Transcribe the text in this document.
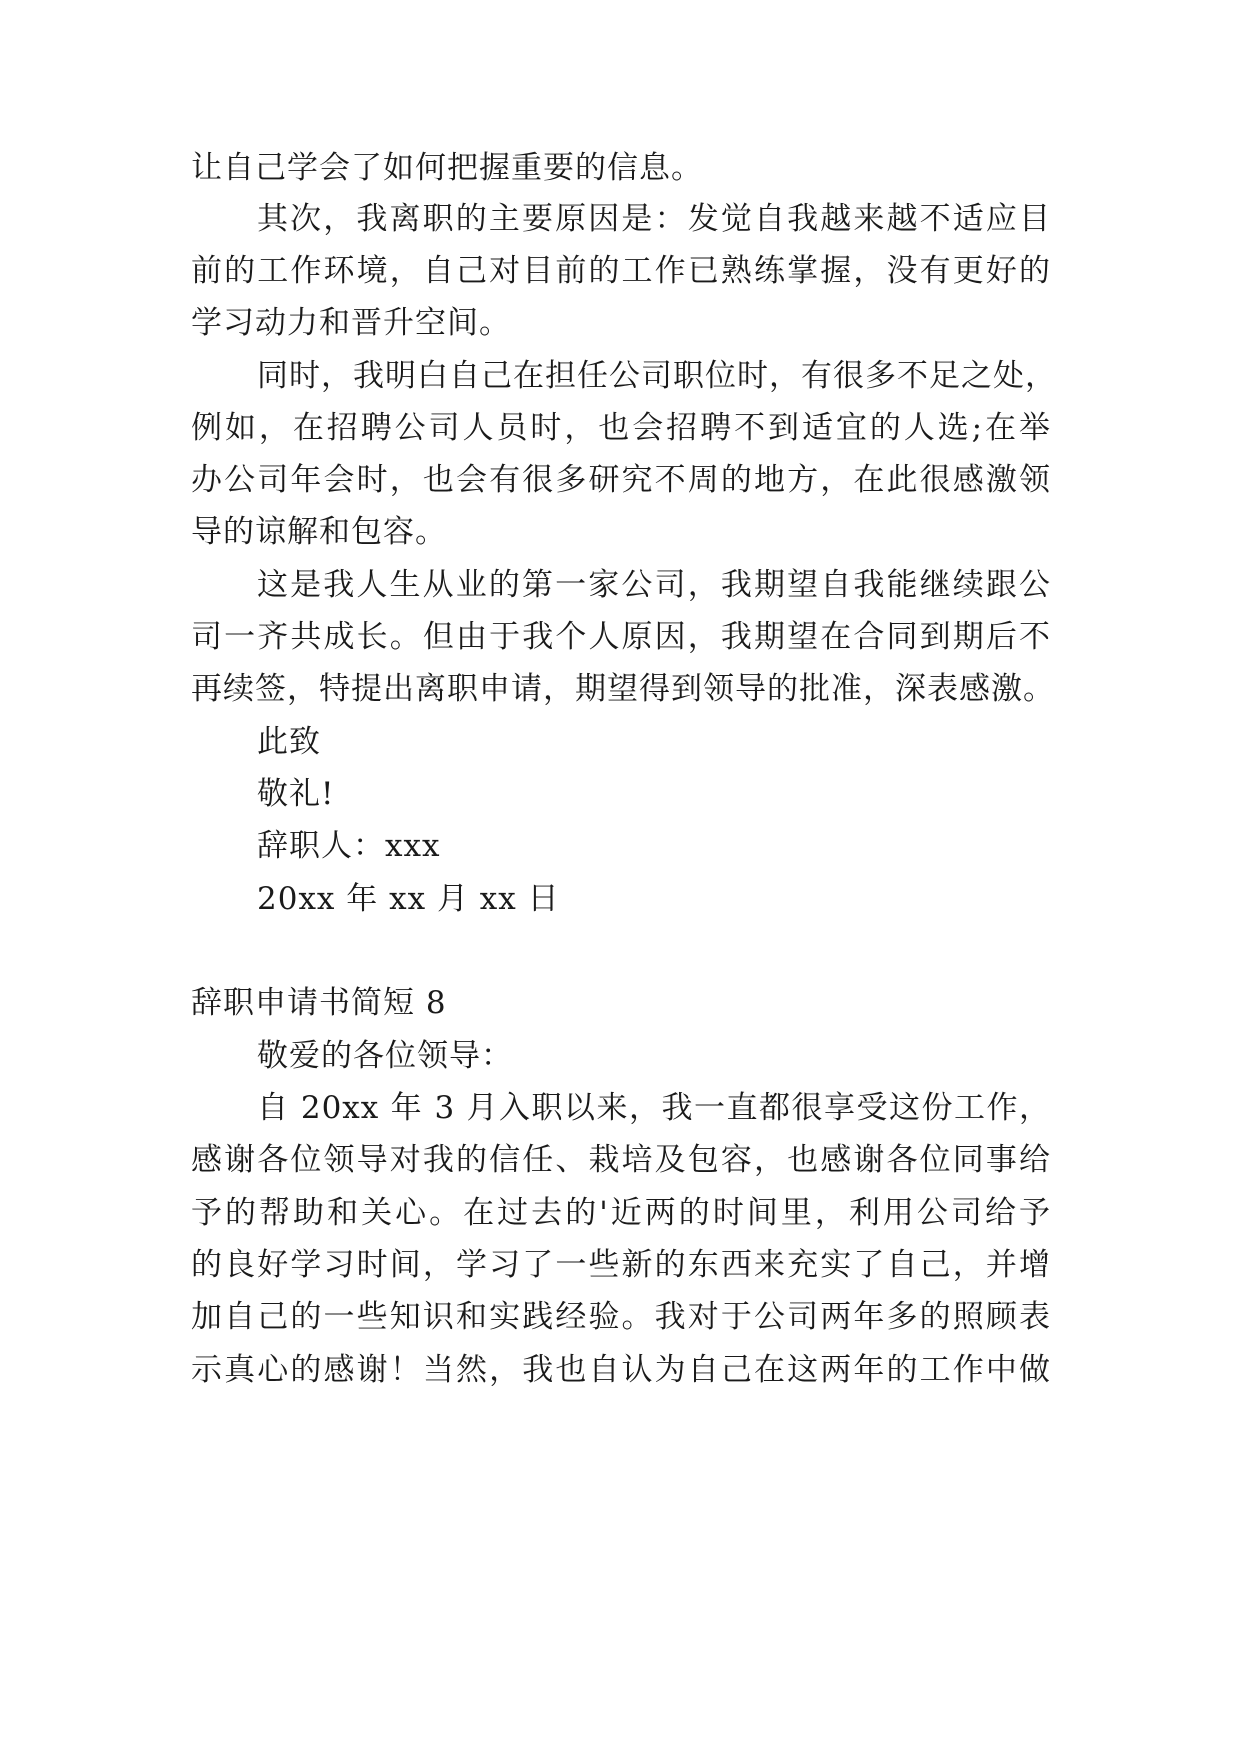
让自己学会了如何把握重要的信息。

其次，我离职的主要原因是：发觉自我越来越不适应目

前的工作环境，自己对目前的工作已熟练掌握，没有更好的

学习动力和晋升空间。

同时，我明白自己在担任公司职位时，有很多不足之处，

例如，在招聘公司人员时，也会招聘不到适宜的人选;在举

办公司年会时，也会有很多研究不周的地方，在此很感激领

导的谅解和包容。

这是我人生从业的第一家公司，我期望自我能继续跟公

司一齐共成长。但由于我个人原因，我期望在合同到期后不

再续签，特提出离职申请，期望得到领导的批准，深表感激。

此致

敬礼!

辞职人：xxx

20xx 年 xx 月 xx 日

辞职申请书简短 8

敬爱的各位领导：

自 20xx 年 3 月入职以来，我一直都很享受这份工作，

感谢各位领导对我的信任、栽培及包容，也感谢各位同事给

予的帮助和关心。在过去的'近两的时间里，利用公司给予

的良好学习时间，学习了一些新的东西来充实了自己，并增

加自己的一些知识和实践经验。我对于公司两年多的照顾表

示真心的感谢！当然，我也自认为自己在这两年的工作中做
